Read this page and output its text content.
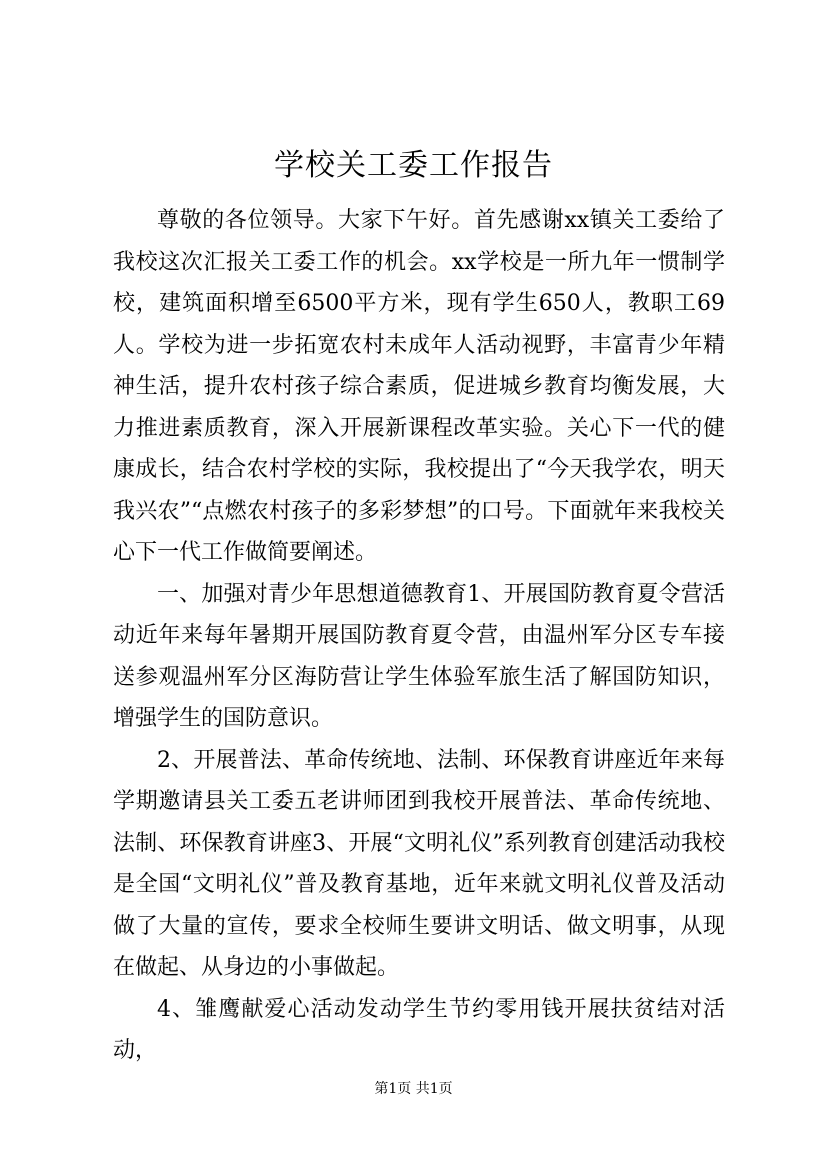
学校关工委工作报告

尊敬的各位领导。大家下午好。首先感谢xx镇关工委给了我校这次汇报关工委工作的机会。xx学校是一所九年一惯制学校，建筑面积增至6500平方米，现有学生650人，教职工69人。学校为进一步拓宽农村未成年人活动视野，丰富青少年精神生活，提升农村孩子综合素质，促进城乡教育均衡发展，大力推进素质教育，深入开展新课程改革实验。关心下一代的健康成长，结合农村学校的实际，我校提出了“今天我学农，明天我兴农”“点燃农村孩子的多彩梦想”的口号。下面就年来我校关心下一代工作做简要阐述。

一、加强对青少年思想道德教育1、开展国防教育夏令营活动近年来每年暑期开展国防教育夏令营，由温州军分区专车接送参观温州军分区海防营让学生体验军旅生活了解国防知识，增强学生的国防意识。

2、开展普法、革命传统地、法制、环保教育讲座近年来每学期邀请县关工委五老讲师团到我校开展普法、革命传统地、法制、环保教育讲座3、开展“文明礼仪”系列教育创建活动我校是全国“文明礼仪”普及教育基地，近年来就文明礼仪普及活动做了大量的宣传，要求全校师生要讲文明话、做文明事，从现在做起、从身边的小事做起。

4、雏鹰献爱心活动发动学生节约零用钱开展扶贫结对活动，

第1页 共1页
